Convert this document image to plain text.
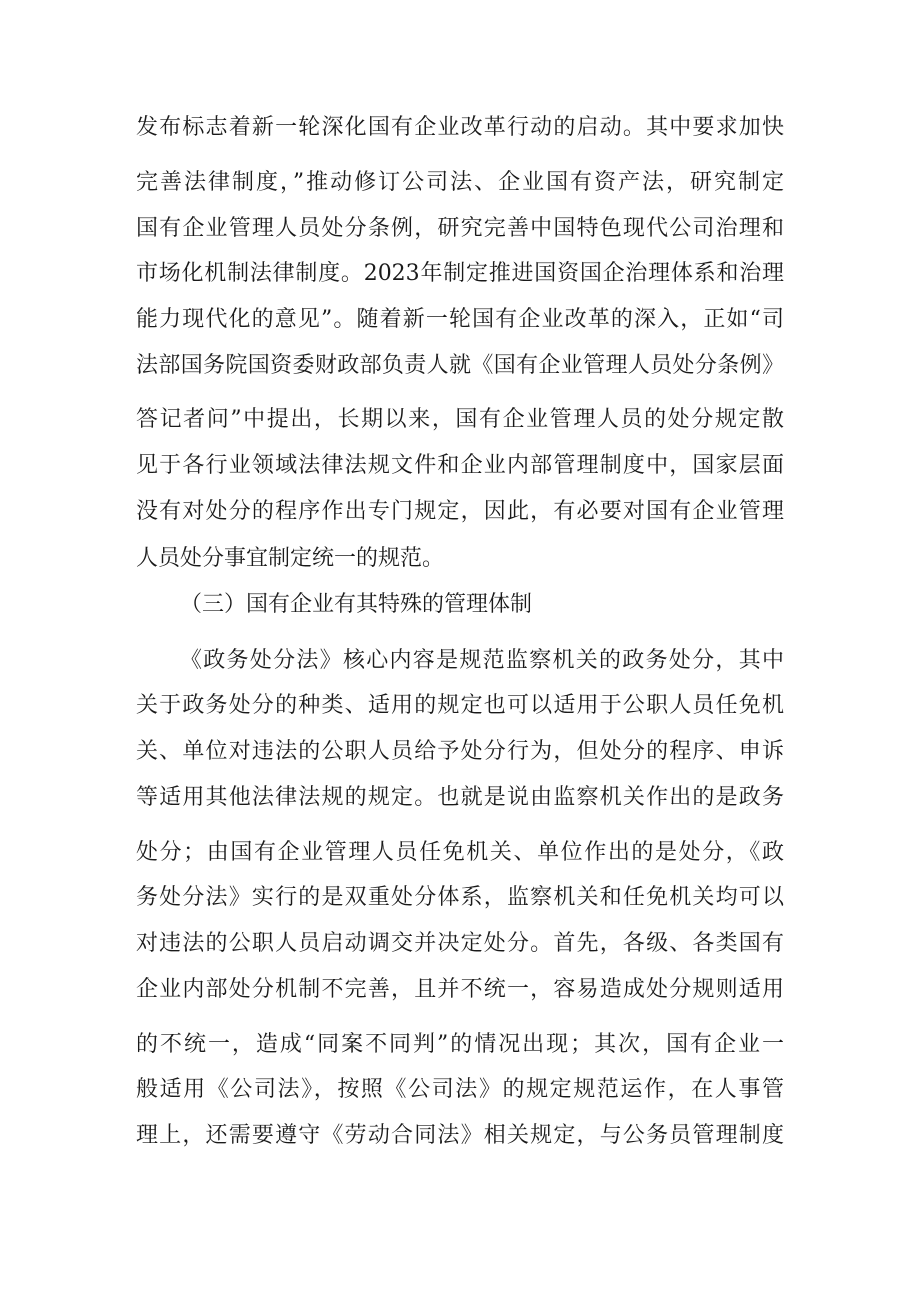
发布标志着新一轮深化国有企业改革行动的启动。其中要求加快
完善法律制度，”推动修订公司法、企业国有资产法，研究制定
国有企业管理人员处分条例，研究完善中国特色现代公司治理和
市场化机制法律制度。2023年制定推进国资国企治理体系和治理
能力现代化的意见”。随着新一轮国有企业改革的深入，正如“司
法部国务院国资委财政部负责人就《国有企业管理人员处分条例》
答记者问”中提出，长期以来，国有企业管理人员的处分规定散
见于各行业领域法律法规文件和企业内部管理制度中，国家层面
没有对处分的程序作出专门规定，因此，有必要对国有企业管理
人员处分事宜制定统一的规范。
（三）国有企业有其特殊的管理体制
《政务处分法》核心内容是规范监察机关的政务处分，其中
关于政务处分的种类、适用的规定也可以适用于公职人员任免机
关、单位对违法的公职人员给予处分行为，但处分的程序、申诉
等适用其他法律法规的规定。也就是说由监察机关作出的是政务
处分；由国有企业管理人员任免机关、单位作出的是处分，《政
务处分法》实行的是双重处分体系，监察机关和任免机关均可以
对违法的公职人员启动调交并决定处分。首先，各级、各类国有
企业内部处分机制不完善，且并不统一，容易造成处分规则适用
的不统一，造成“同案不同判”的情况出现；其次，国有企业一
般适用《公司法》，按照《公司法》的规定规范运作，在人事管
理上，还需要遵守《劳动合同法》相关规定，与公务员管理制度
